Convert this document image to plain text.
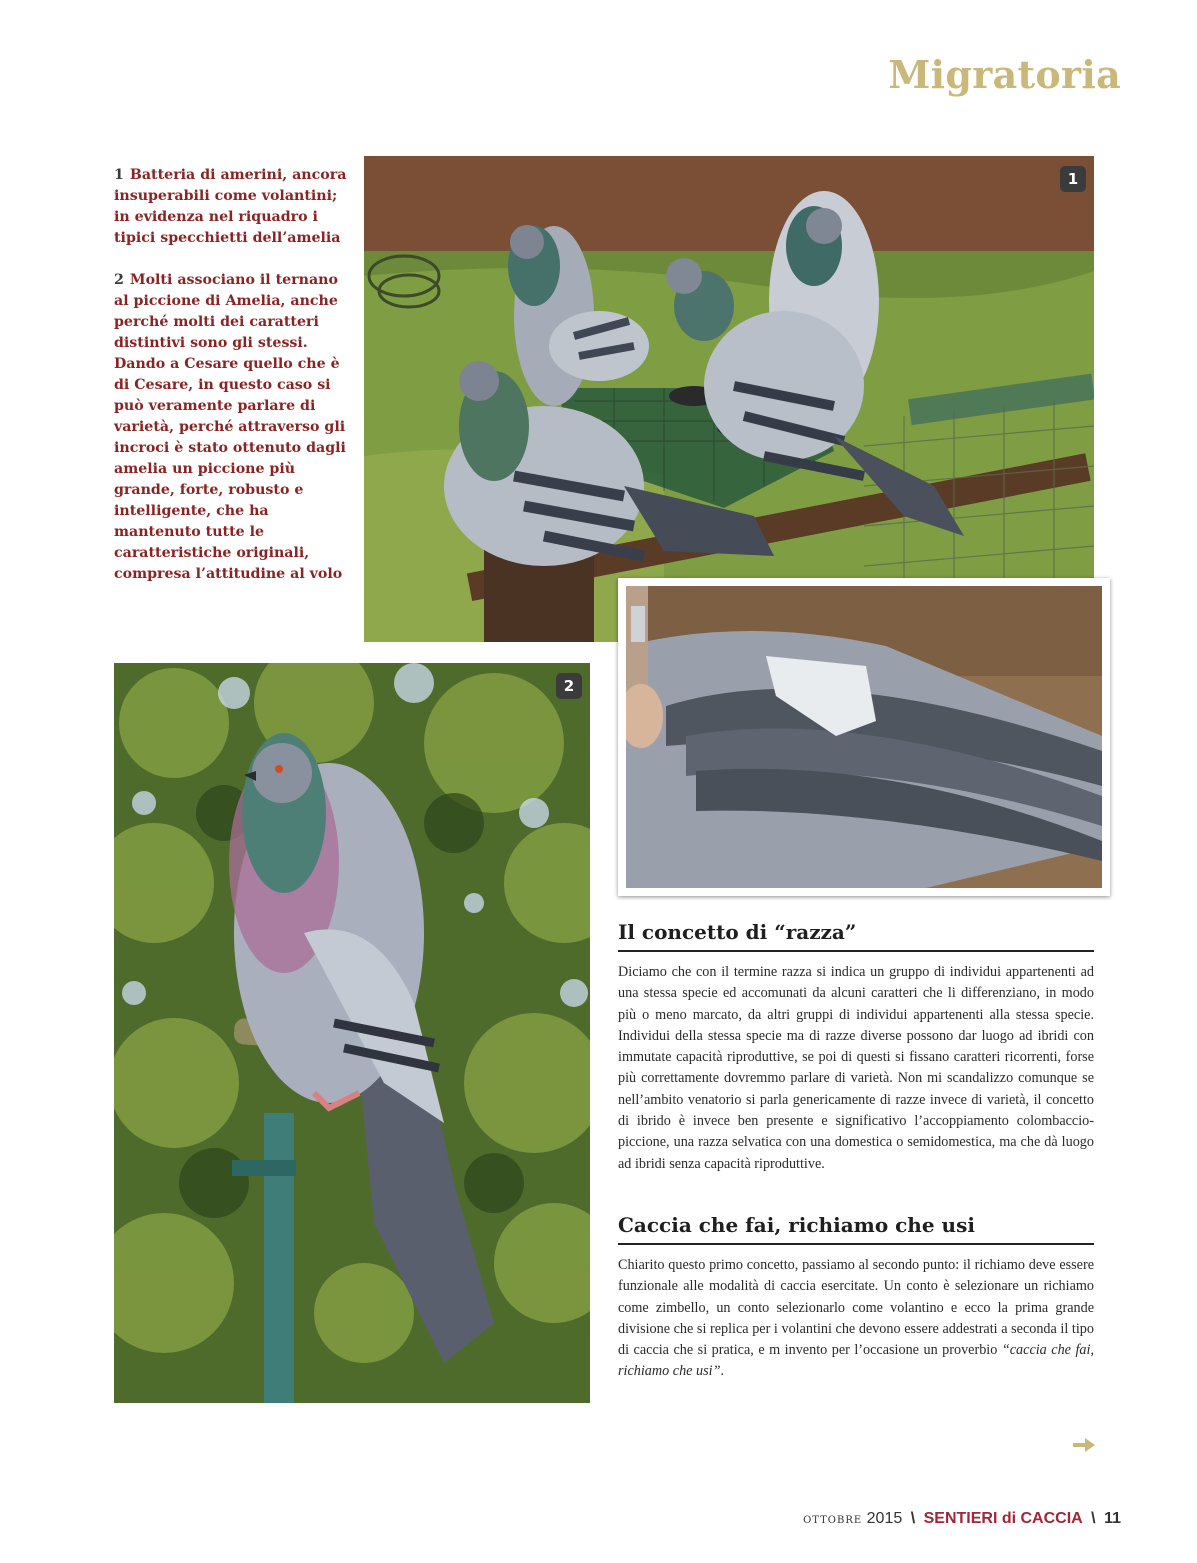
Migratoria

1 Batteria di amerini, ancora insuperabili come volantini; in evidenza nel riquadro i tipici specchietti dell’amelia

2 Molti associano il ternano al piccione di Amelia, anche perché molti dei caratteri distintivi sono gli stessi. Dando a Cesare quello che è di Cesare, in questo caso si può veramente parlare di varietà, perché attraverso gli incroci è stato ottenuto dagli amelia un piccione più grande, forte, robusto e intelligente, che ha mantenuto tutte le caratteristiche originali, compresa l’attitudine al volo

1
2
Il concetto di “razza”
Diciamo che con il termine razza si indica un gruppo di individui appartenenti ad una stessa specie ed accomunati da alcuni caratteri che li differenziano, in modo più o meno marcato, da altri gruppi di individui appartenenti alla stessa specie. Individui della stessa specie ma di razze diverse possono dar luogo ad ibridi con immutate capacità riproduttive, se poi di questi si fissano caratteri ricorrenti, forse più correttamente dovremmo parlare di varietà. Non mi scandalizzo comunque se nell’ambito venatorio si parla genericamente di razze invece di varietà, il concetto di ibrido è invece ben presente e significativo l’accoppiamento colombaccio-piccione, una razza selvatica con una domestica o semidomestica, ma che dà luogo ad ibridi senza capacità riproduttive.
Caccia che fai, richiamo che usi
Chiarito questo primo concetto, passiamo al secondo punto: il richiamo deve essere funzionale alle modalità di caccia esercitate. Un conto è selezionare un richiamo come zimbello, un conto selezionarlo come volantino e ecco la prima grande divisione che si replica per i volantini che devono essere addestrati a seconda il tipo di caccia che si pratica, e m invento per l’occasione un proverbio “caccia che fai, richiamo che usi”.
ottobre 2015 \ SENTIERI di CACCIA \ 11
